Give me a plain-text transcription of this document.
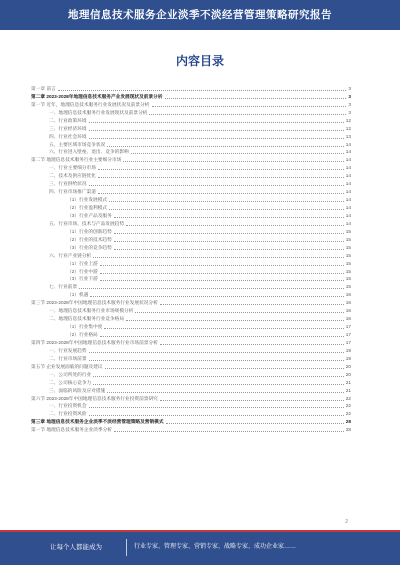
地理信息技术服务企业淡季不淡经营管理策略研究报告
内容目录
第一章 前言	3
第二章 2023-2028年地理信息技术服务产业发展现状及前景分析	3
第一节 近年，地理信息技术服务行业发展状况及前景分析	3
一、地理信息技术服务行业发展现状及前景分析	3
二、行业政策环境	12
三、行业经济环境	12
四、行业社会环境	13
五、主要区域市场竞争状况	14
六、行业进入壁垒、退出、竞争的影响	14
第二节 地理信息技术服务行业主要细分市场	14
一、行业主要细分市场	14
二、技术及供应链优化	14
三、行业供给状况	14
四、行业市场推广渠道	14
（1）行业发展模式	14
（2）行业盈利模式	14
（3）行业产品及服务	14
五、行业市场、技术与产品发展趋势	14
（1）行业的创新趋势	15
（2）行业的技术趋势	15
（3）行业的竞争趋势	15
六、行业产业链分析	15
（1）行业上游	15
（2）行业中游	15
（3）行业下游	15
七、行业前景	15
（1）机遇	16
第三节 2023-2028年中国地理信息技术服务行业发展状况分析	16
一、地理信息技术服务行业市场规模分析	16
二、地理信息技术服务行业竞争格局	16
（1）行业集中度	17
（2）行业格局	17
第四节 2023-2028年中国地理信息技术服务行业市场前景分析	17
一、行业发展趋势	19
二、行业市场前景	19
第五节 企业发展面临的问题及建议	20
一、公司所处的行业	20
二、公司核心竞争力	21
三、面临的风险及应对措施	21
第六节 2023-2028年中国地理信息技术服务行业投资前景研究	22
一、行业投资机会	22
二、行业投资风险	22
第三章 地理信息技术服务企业淡季不淡经营管理策略及营销模式	28
第一节 地理信息技术服务企业淡季分析	28
2
让每个人都能成为	行业专家、管理专家、营销专家、战略专家、成功企业家……
